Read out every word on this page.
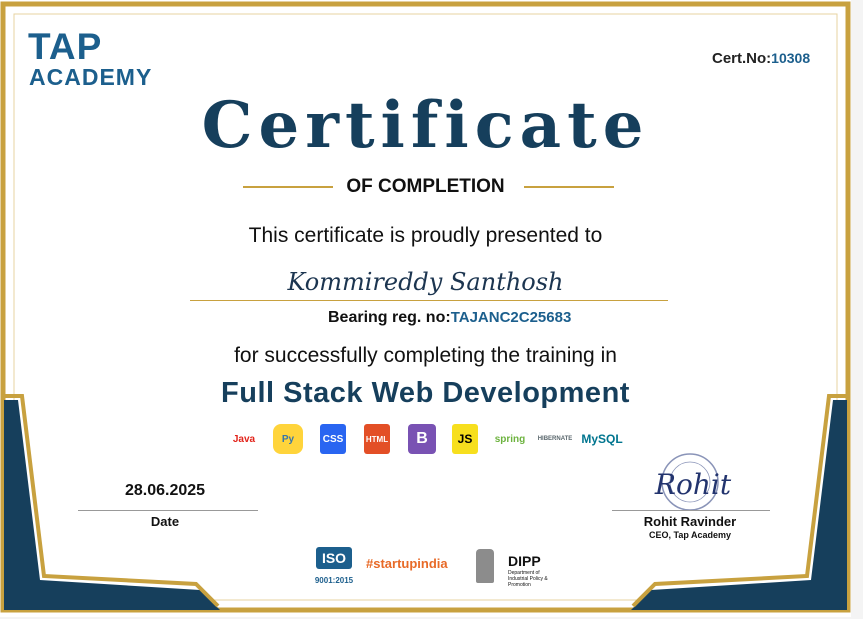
TAP
ACADEMY
Cert.No:10308
Certificate
OF COMPLETION
This certificate is proudly presented to
Kommireddy Santhosh
Bearing reg. no:TAJANC2C25683
for successfully completing the training in
Full Stack Web Development
Java	Py	CSS	HTML	B	JS	spring	HIBERNATE MySQL
28.06.2025
Date
Rohit
Rohit Ravinder
CEO, Tap Academy
ISO
9001:2015
#startupindia	DIPP
Department of Industrial Policy & Promotion
